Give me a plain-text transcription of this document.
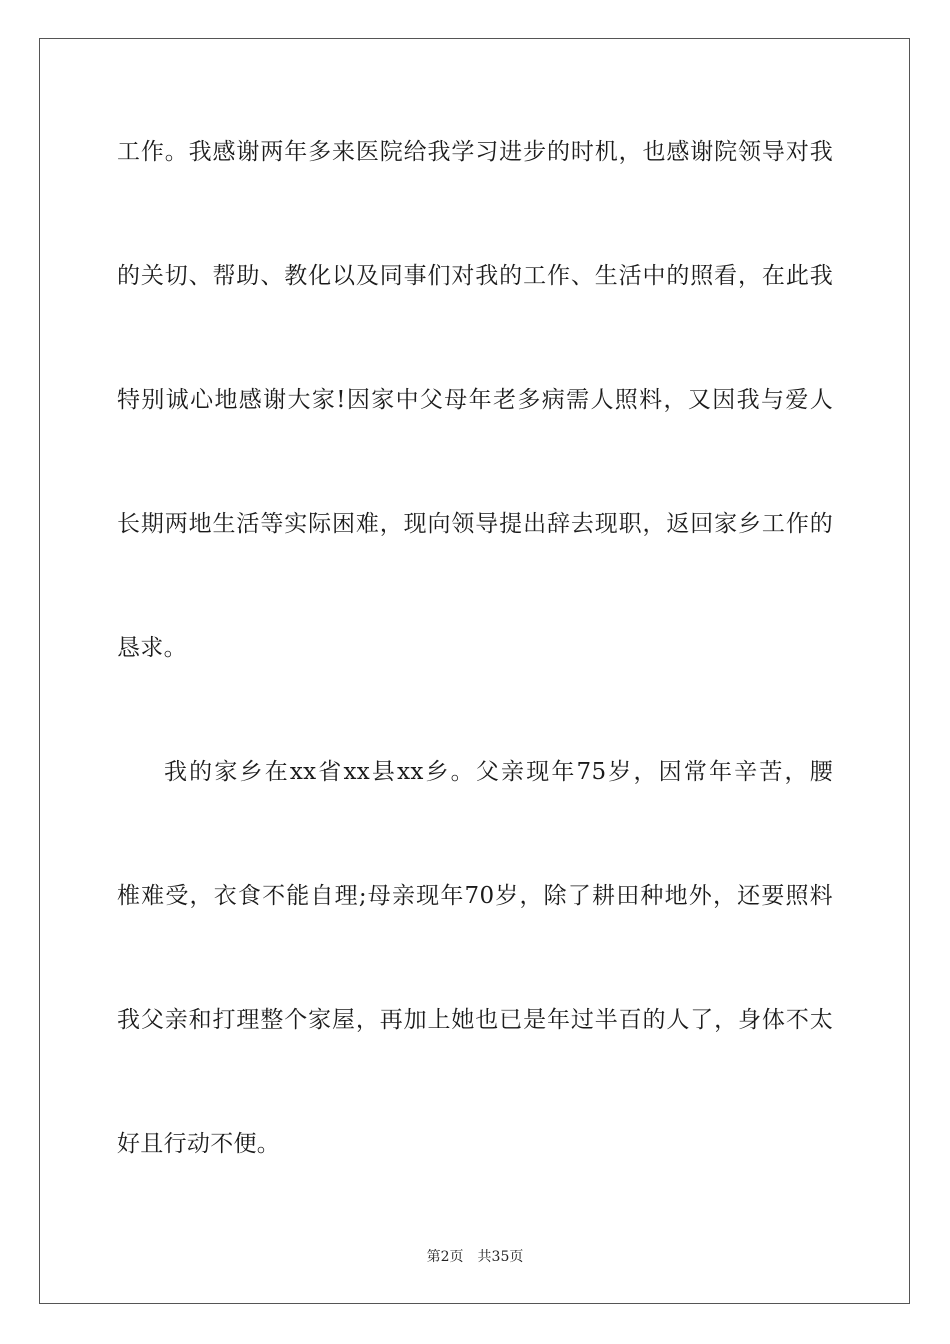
工作。我感谢两年多来医院给我学习进步的时机，也感谢院领导对我
的关切、帮助、教化以及同事们对我的工作、生活中的照看，在此我
特别诚心地感谢大家!因家中父母年老多病需人照料，又因我与爱人
长期两地生活等实际困难，现向领导提出辞去现职，返回家乡工作的
恳求。
我的家乡在xx省xx县xx乡。父亲现年75岁，因常年辛苦，腰
椎难受，衣食不能自理;母亲现年70岁，除了耕田种地外，还要照料
我父亲和打理整个家屋，再加上她也已是年过半百的人了，身体不太
好且行动不便。
第2页 共35页
